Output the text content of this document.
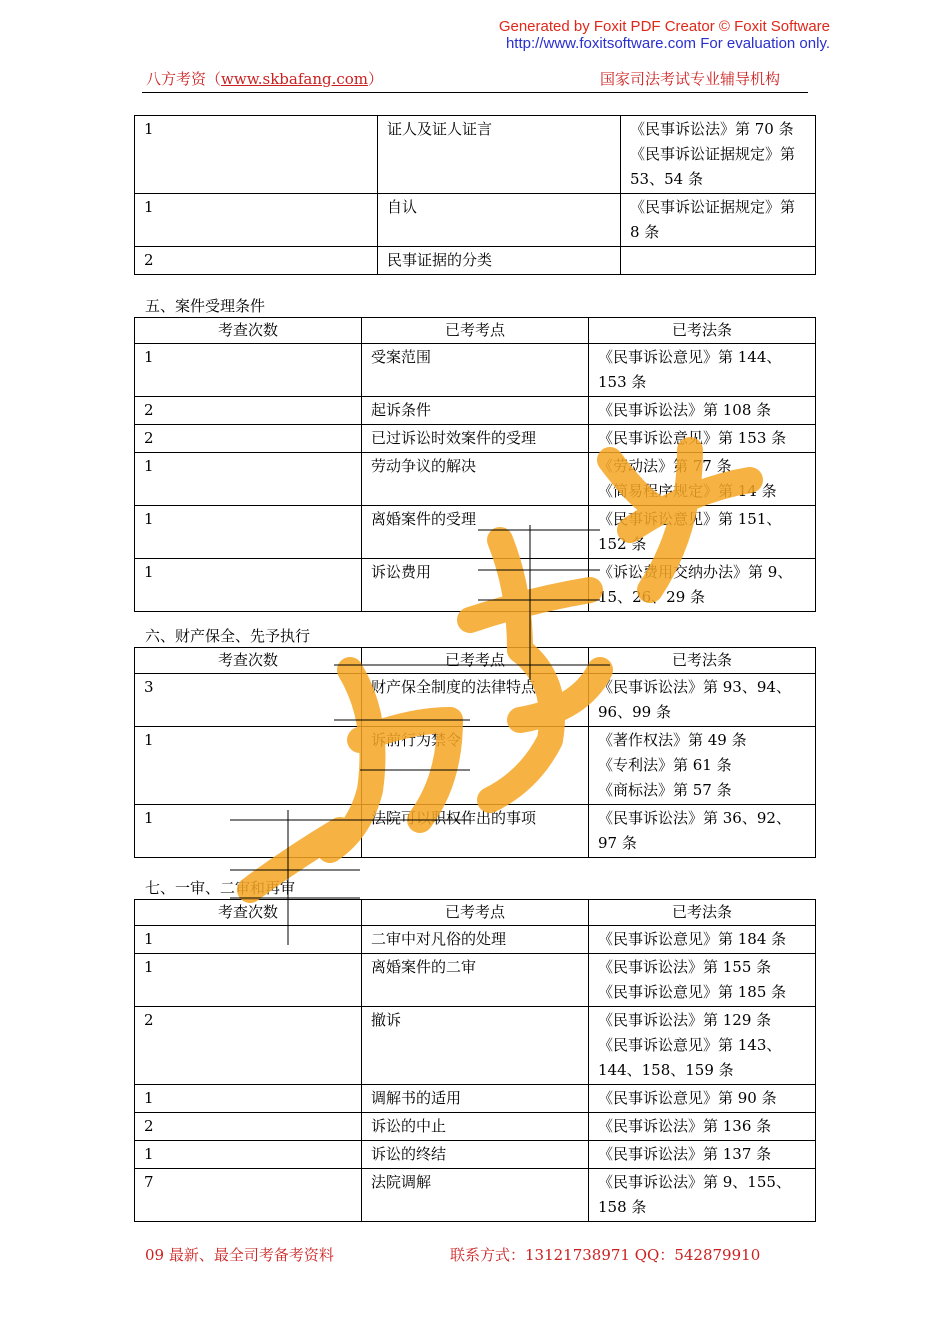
Generated by Foxit PDF Creator © Foxit Software
http://www.foxitsoftware.com For evaluation only.
八方考资（www.skbafang.com）	国家司法考试专业辅导机构
1	证人及证人证言	《民事诉讼法》第 70 条
《民事诉讼证据规定》第 53、54 条

1	自认	《民事诉讼证据规定》第 8 条

2	民事证据的分类	

五、案件受理条件
考查次数	已考考点	已考法条
1	受案范围	《民事诉讼意见》第 144、153 条

2	起诉条件	《民事诉讼法》第 108 条

2	已过诉讼时效案件的受理	《民事诉讼意见》第 153 条

1	劳动争议的解决	《劳动法》第 77 条
《简易程序规定》第 14 条

1	离婚案件的受理	《民事诉讼意见》第 151、152 条

1	诉讼费用	《诉讼费用交纳办法》第 9、15、26、29 条
六、财产保全、先予执行
考查次数	已考考点	已考法条
3	财产保全制度的法律特点	《民事诉讼法》第 93、94、96、99 条

1	诉前行为禁令	《著作权法》第 49 条
《专利法》第 61 条
《商标法》第 57 条

1	法院可以职权作出的事项	《民事诉讼法》第 36、92、97 条
七、一审、二审和再审
考查次数	已考考点	已考法条
1	二审中对凡俗的处理	《民事诉讼意见》第 184 条

1	离婚案件的二审	《民事诉讼法》第 155 条
《民事诉讼意见》第 185 条

2	撤诉	《民事诉讼法》第 129 条
《民事诉讼意见》第 143、144、158、159 条

1	调解书的适用	《民事诉讼意见》第 90 条

2	诉讼的中止	《民事诉讼法》第 136 条

1	诉讼的终结	《民事诉讼法》第 137 条

7	法院调解	《民事诉讼法》第 9、155、158 条
09 最新、最全司考备考资料	联系方式：13121738971 QQ：542879910
